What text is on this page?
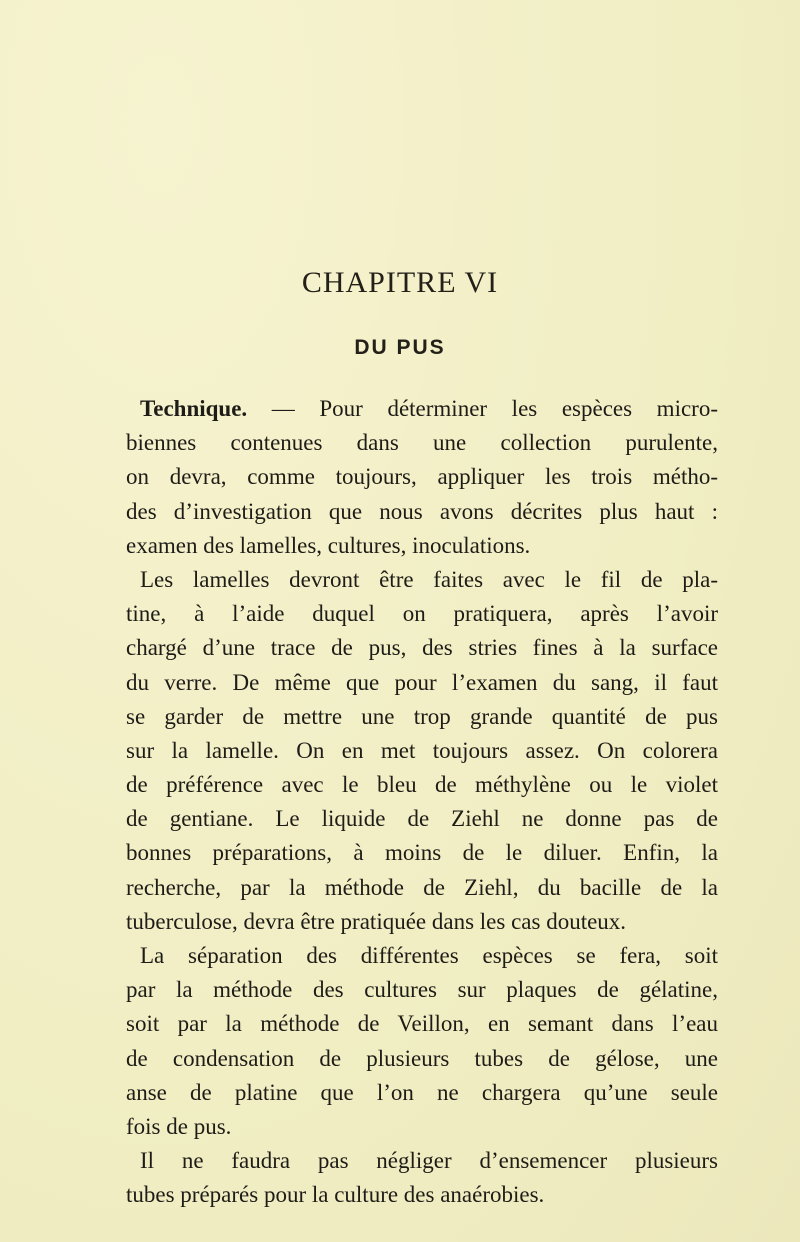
CHAPITRE VI
DU PUS
Technique. — Pour déterminer les espèces micro-
biennes contenues dans une collection purulente,
on devra, comme toujours, appliquer les trois métho-
des d’investigation que nous avons décrites plus haut :
examen des lamelles, cultures, inoculations.
Les lamelles devront être faites avec le fil de pla-
tine, à l’aide duquel on pratiquera, après l’avoir
chargé d’une trace de pus, des stries fines à la surface
du verre. De même que pour l’examen du sang, il faut
se garder de mettre une trop grande quantité de pus
sur la lamelle. On en met toujours assez. On colorera
de préférence avec le bleu de méthylène ou le violet
de gentiane. Le liquide de Ziehl ne donne pas de
bonnes préparations, à moins de le diluer. Enfin, la
recherche, par la méthode de Ziehl, du bacille de la
tuberculose, devra être pratiquée dans les cas douteux.
La séparation des différentes espèces se fera, soit
par la méthode des cultures sur plaques de gélatine,
soit par la méthode de Veillon, en semant dans l’eau
de condensation de plusieurs tubes de gélose, une
anse de platine que l’on ne chargera qu’une seule
fois de pus.
Il ne faudra pas négliger d’ensemencer plusieurs
tubes préparés pour la culture des anaérobies.
